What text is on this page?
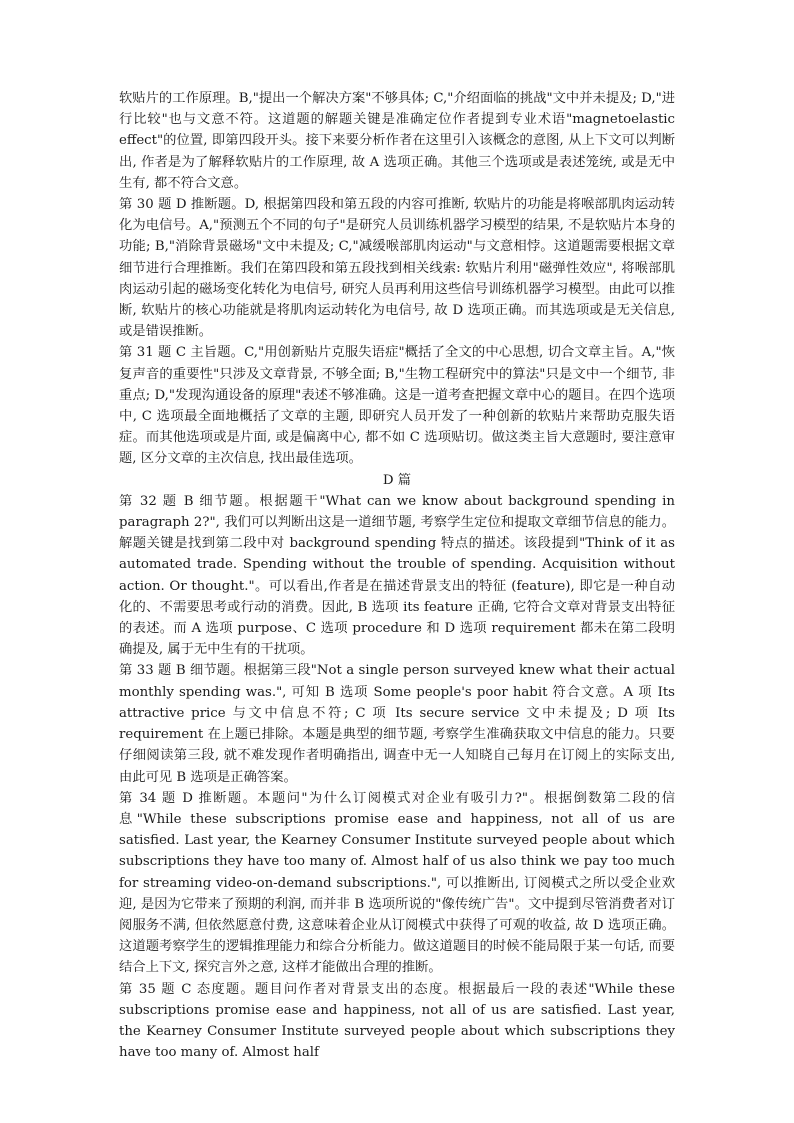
软贴片的工作原理。B,"提出一个解决方案"不够具体; C,"介绍面临的挑战"文中并未提及; D,"进行比较"也与文意不符。这道题的解题关键是准确定位作者提到专业术语"magnetoelastic effect"的位置, 即第四段开头。接下来要分析作者在这里引入该概念的意图, 从上下文可以判断出, 作者是为了解释软贴片的工作原理, 故 A 选项正确。其他三个选项或是表述笼统, 或是无中生有, 都不符合文意。

第 30 题 D 推断题。D, 根据第四段和第五段的内容可推断, 软贴片的功能是将喉部肌肉运动转化为电信号。A,"预测五个不同的句子"是研究人员训练机器学习模型的结果, 不是软贴片本身的功能; B,"消除背景磁场"文中未提及; C,"减缓喉部肌肉运动"与文意相悖。这道题需要根据文章细节进行合理推断。我们在第四段和第五段找到相关线索: 软贴片利用"磁弹性效应", 将喉部肌肉运动引起的磁场变化转化为电信号, 研究人员再利用这些信号训练机器学习模型。由此可以推断, 软贴片的核心功能就是将肌肉运动转化为电信号, 故 D 选项正确。而其选项或是无关信息, 或是错误推断。

第 31 题 C 主旨题。C,"用创新贴片克服失语症"概括了全文的中心思想, 切合文章主旨。A,"恢复声音的重要性"只涉及文章背景, 不够全面; B,"生物工程研究中的算法"只是文中一个细节, 非重点; D,"发现沟通设备的原理"表述不够准确。这是一道考查把握文章中心的题目。在四个选项中, C 选项最全面地概括了文章的主题, 即研究人员开发了一种创新的软贴片来帮助克服失语症。而其他选项或是片面, 或是偏离中心, 都不如 C 选项贴切。做这类主旨大意题时, 要注意审题, 区分文章的主次信息, 找出最佳选项。

D 篇

第 32 题 B 细节题。根据题干"What can we know about background spending in paragraph 2?", 我们可以判断出这是一道细节题, 考察学生定位和提取文章细节信息的能力。解题关键是找到第二段中对 background spending 特点的描述。该段提到"Think of it as automated trade. Spending without the trouble of spending. Acquisition without action. Or thought."。可以看出,作者是在描述背景支出的特征 (feature), 即它是一种自动化的、不需要思考或行动的消费。因此, B 选项 its feature 正确, 它符合文章对背景支出特征的表述。而 A 选项 purpose、C 选项 procedure 和 D 选项 requirement 都未在第二段明确提及, 属于无中生有的干扰项。

第 33 题 B 细节题。根据第三段"Not a single person surveyed knew what their actual monthly spending was.", 可知 B 选项 Some people's poor habit 符合文意。A 项 Its attractive price 与文中信息不符; C 项 Its secure service 文中未提及; D 项 Its requirement 在上题已排除。本题是典型的细节题, 考察学生准确获取文中信息的能力。只要仔细阅读第三段, 就不难发现作者明确指出, 调查中无一人知晓自己每月在订阅上的实际支出, 由此可见 B 选项是正确答案。

第 34 题 D 推断题。本题问"为什么订阅模式对企业有吸引力?"。根据倒数第二段的信息"While these subscriptions promise ease and happiness, not all of us are satisfied. Last year, the Kearney Consumer Institute surveyed people about which subscriptions they have too many of. Almost half of us also think we pay too much for streaming video-on-demand subscriptions.", 可以推断出, 订阅模式之所以受企业欢迎, 是因为它带来了预期的利润, 而并非 B 选项所说的"像传统广告"。文中提到尽管消费者对订阅服务不满, 但依然愿意付费, 这意味着企业从订阅模式中获得了可观的收益, 故 D 选项正确。这道题考察学生的逻辑推理能力和综合分析能力。做这道题目的时候不能局限于某一句话, 而要结合上下文, 探究言外之意, 这样才能做出合理的推断。

第 35 题 C 态度题。题目问作者对背景支出的态度。根据最后一段的表述"While these subscriptions promise ease and happiness, not all of us are satisfied. Last year, the Kearney Consumer Institute surveyed people about which subscriptions they have too many of. Almost half
